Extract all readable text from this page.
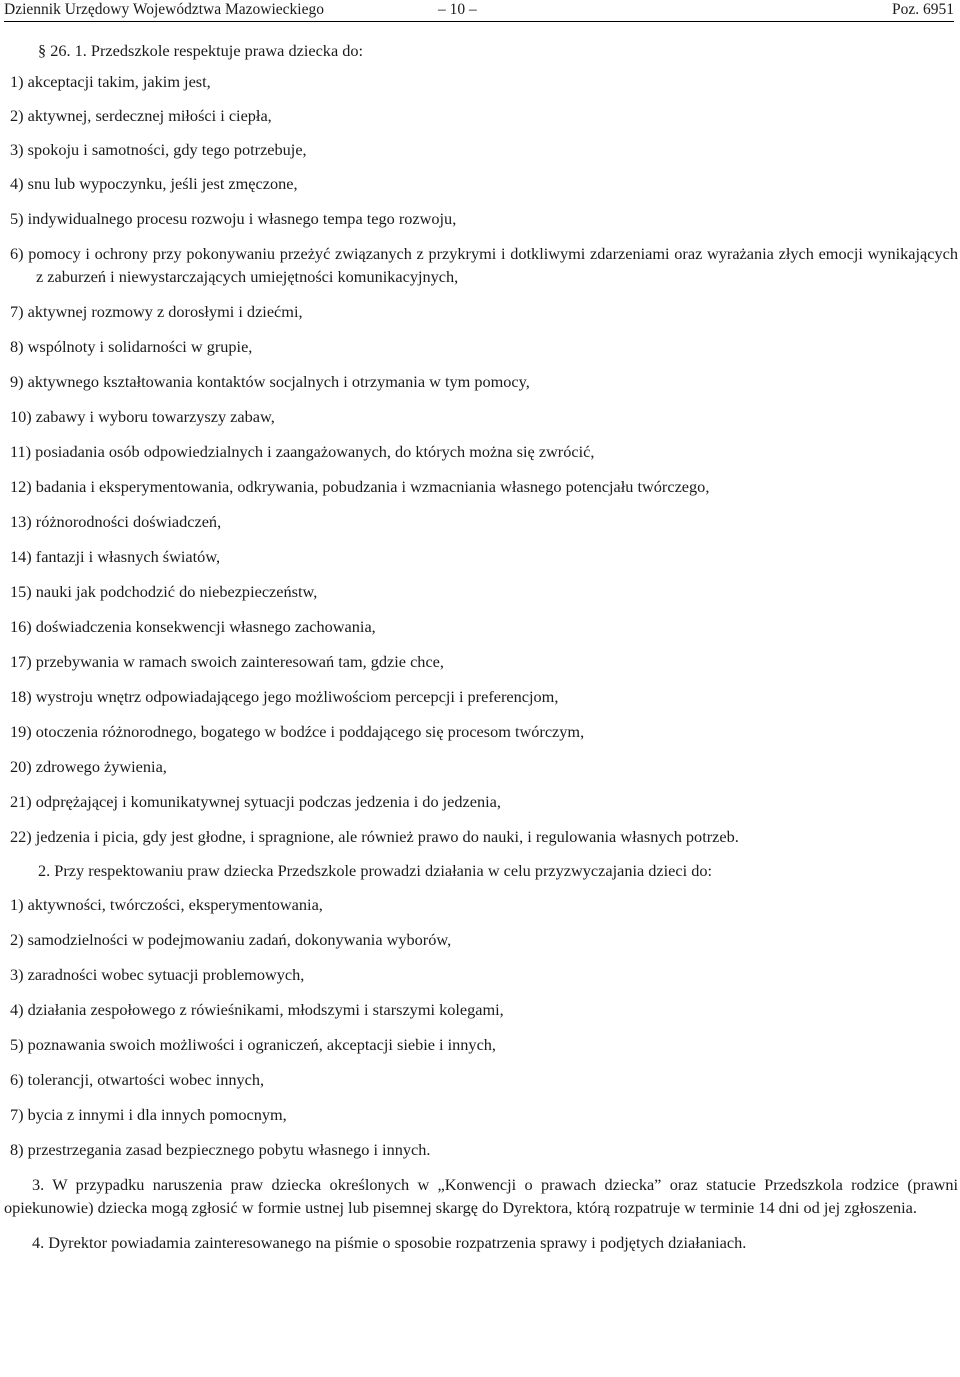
Dziennik Urzędowy Województwa Mazowieckiego	– 10 –	Poz. 6951

§ 26. 1. Przedszkole respektuje prawa dziecka do:

1) akceptacji takim, jakim jest,

2) aktywnej, serdecznej miłości i ciepła,

3) spokoju i samotności, gdy tego potrzebuje,

4) snu lub wypoczynku, jeśli jest zmęczone,

5) indywidualnego procesu rozwoju i własnego tempa tego rozwoju,

6) pomocy i ochrony przy pokonywaniu przeżyć związanych z przykrymi i dotkliwymi zdarzeniami oraz wyrażania złych emocji wynikających z zaburzeń i niewystarczających umiejętności komunikacyjnych,

7) aktywnej rozmowy z dorosłymi i dziećmi,

8) wspólnoty i solidarności w grupie,

9) aktywnego kształtowania kontaktów socjalnych i otrzymania w tym pomocy,

10) zabawy i wyboru towarzyszy zabaw,

11) posiadania osób odpowiedzialnych i zaangażowanych, do których można się zwrócić,

12) badania i eksperymentowania, odkrywania, pobudzania i wzmacniania własnego potencjału twórczego,

13) różnorodności doświadczeń,

14) fantazji i własnych światów,

15) nauki jak podchodzić do niebezpieczeństw,

16) doświadczenia konsekwencji własnego zachowania,

17) przebywania w ramach swoich zainteresowań tam, gdzie chce,

18) wystroju wnętrz odpowiadającego jego możliwościom percepcji i preferencjom,

19) otoczenia różnorodnego, bogatego w bodźce i poddającego się procesom twórczym,

20) zdrowego żywienia,

21) odprężającej i komunikatywnej sytuacji podczas jedzenia i do jedzenia,

22) jedzenia i picia, gdy jest głodne, i spragnione, ale również prawo do nauki, i regulowania własnych potrzeb.

2. Przy respektowaniu praw dziecka Przedszkole prowadzi działania w celu przyzwyczajania dzieci do:

1) aktywności, twórczości, eksperymentowania,

2) samodzielności w podejmowaniu zadań, dokonywania wyborów,

3) zaradności wobec sytuacji problemowych,

4) działania zespołowego z rówieśnikami, młodszymi i starszymi kolegami,

5) poznawania swoich możliwości i ograniczeń, akceptacji siebie i innych,

6) tolerancji, otwartości wobec innych,

7) bycia z innymi i dla innych pomocnym,

8) przestrzegania zasad bezpiecznego pobytu własnego i innych.

3. W przypadku naruszenia praw dziecka określonych w „Konwencji o prawach dziecka” oraz statucie Przedszkola rodzice (prawni opiekunowie) dziecka mogą zgłosić w formie ustnej lub pisemnej skargę do Dyrektora, którą rozpatruje w terminie 14 dni od jej zgłoszenia.

4. Dyrektor powiadamia zainteresowanego na piśmie o sposobie rozpatrzenia sprawy i podjętych działaniach.
